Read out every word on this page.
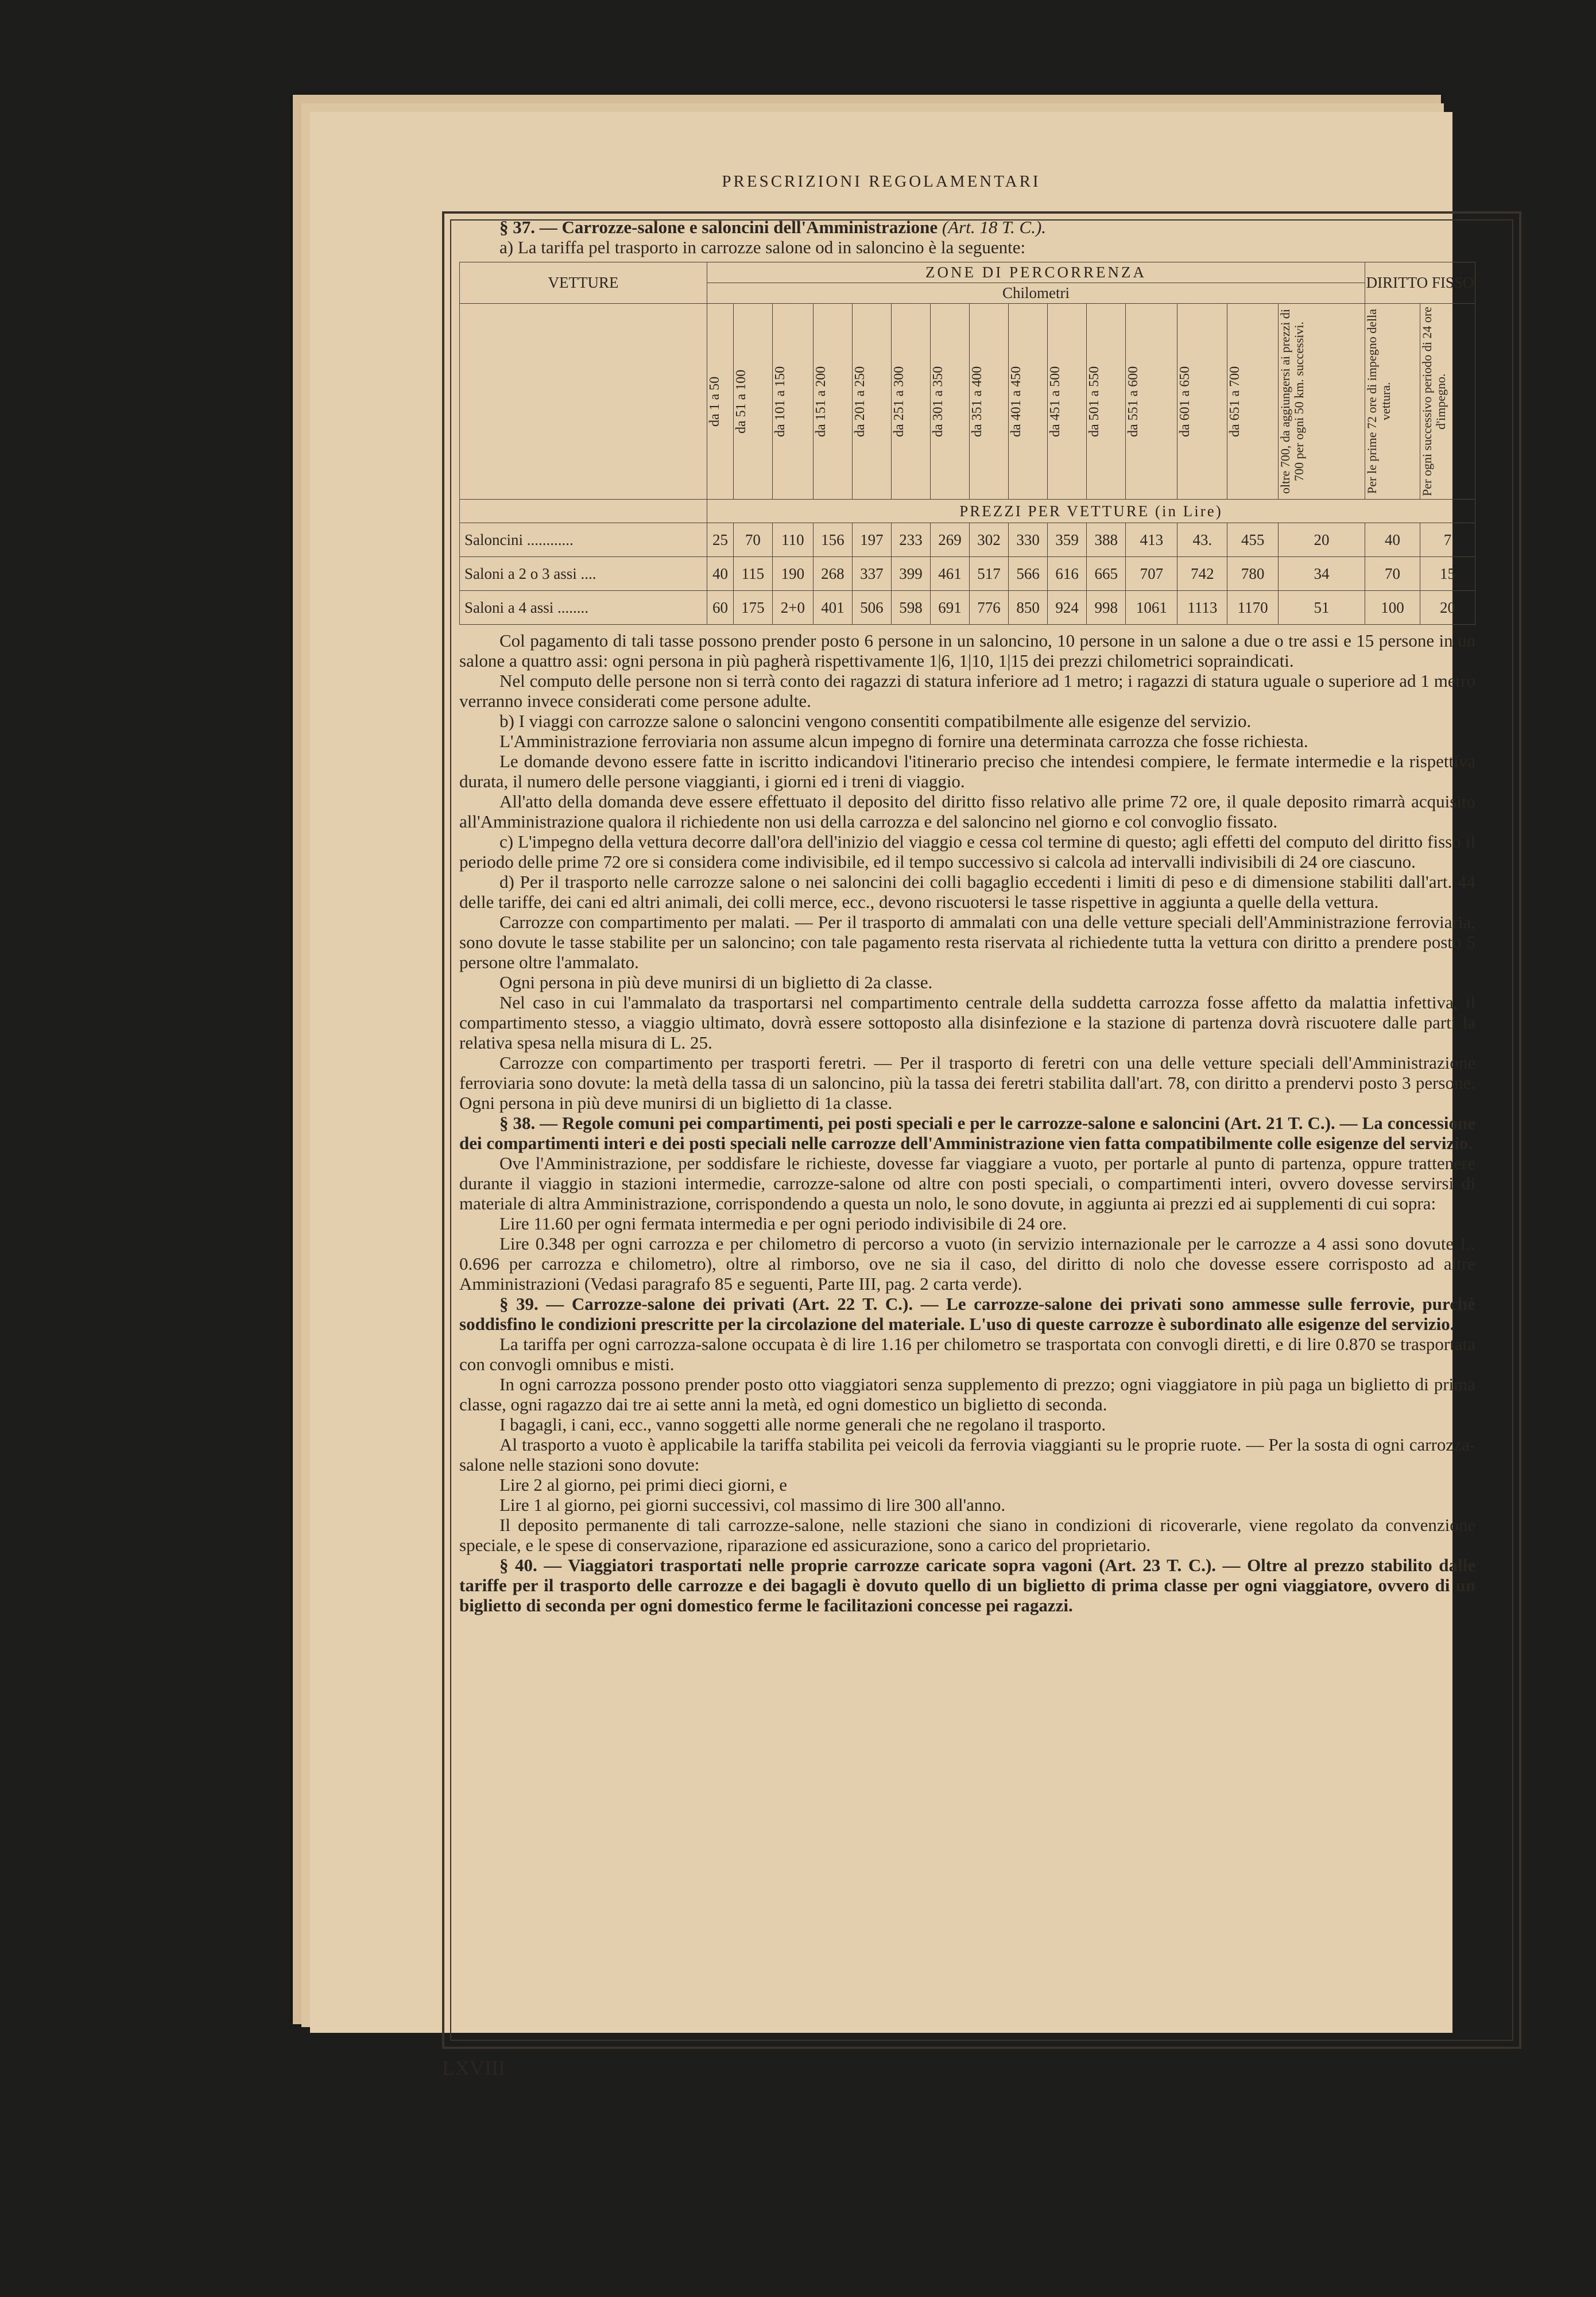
PRESCRIZIONI REGOLAMENTARI

§ 37. — Carrozze-salone e saloncini dell'Amministrazione (Art. 18 T. C.).

a) La tariffa pel trasporto in carrozze salone od in saloncino è la seguente:

VETTURE	ZONE DI PERCORRENZA															DIRITTO FISSO	
	Chilometri																

	da 1 a 50	da 51 a 100	da 101 a 150	da 151 a 200	da 201 a 250	da 251 a 300	da 301 a 350	da 351 a 400	da 401 a 450	da 451 a 500	da 501 a 550	da 551 a 600	da 601 a 650	da 651 a 700	oltre 700, da aggiungersi ai prezzi di 700 per ogni 50 km. successivi.	Per le prime 72 ore di impegno della vettura.	Per ogni successivo periodo di 24 ore d'impegno.

	PREZZI PER VETTURE (in Lire)																
Saloncini ............	25	70	110	156	197	233	269	302	330	359	388	413	43.	455	20	40	7
Saloni a 2 o 3 assi ....	40	115	190	268	337	399	461	517	566	616	665	707	742	780	34	70	15
Saloni a 4 assi ........	60	175	2+0	401	506	598	691	776	850	924	998	1061	1113	1170	51	100	20

Col pagamento di tali tasse possono prender posto 6 persone in un saloncino, 10 persone in un salone a due o tre assi e 15 persone in un salone a quattro assi: ogni persona in più pagherà rispettivamente 1|6, 1|10, 1|15 dei prezzi chilometrici sopraindicati.

Nel computo delle persone non si terrà conto dei ragazzi di statura inferiore ad 1 metro; i ragazzi di statura uguale o superiore ad 1 metro verranno invece considerati come persone adulte.

b) I viaggi con carrozze salone o saloncini vengono consentiti compatibilmente alle esigenze del servizio.

L'Amministrazione ferroviaria non assume alcun impegno di fornire una determinata carrozza che fosse richiesta.

Le domande devono essere fatte in iscritto indicandovi l'itinerario preciso che intendesi compiere, le fermate intermedie e la rispettiva durata, il numero delle persone viaggianti, i giorni ed i treni di viaggio.

All'atto della domanda deve essere effettuato il deposito del diritto fisso relativo alle prime 72 ore, il quale deposito rimarrà acquisito all'Amministrazione qualora il richiedente non usi della carrozza e del saloncino nel giorno e col convoglio fissato.

c) L'impegno della vettura decorre dall'ora dell'inizio del viaggio e cessa col termine di questo; agli effetti del computo del diritto fisso il periodo delle prime 72 ore si considera come indivisibile, ed il tempo successivo si calcola ad intervalli indivisibili di 24 ore ciascuno.

d) Per il trasporto nelle carrozze salone o nei saloncini dei colli bagaglio eccedenti i limiti di peso e di dimensione stabiliti dall'art. 44 delle tariffe, dei cani ed altri animali, dei colli merce, ecc., devono riscuotersi le tasse rispettive in aggiunta a quelle della vettura.

Carrozze con compartimento per malati. — Per il trasporto di ammalati con una delle vetture speciali dell'Amministrazione ferroviaria, sono dovute le tasse stabilite per un saloncino; con tale pagamento resta riservata al richiedente tutta la vettura con diritto a prendere posto 5 persone oltre l'ammalato.

Ogni persona in più deve munirsi di un biglietto di 2a classe.

Nel caso in cui l'ammalato da trasportarsi nel compartimento centrale della suddetta carrozza fosse affetto da malattia infettiva, il compartimento stesso, a viaggio ultimato, dovrà essere sottoposto alla disinfezione e la stazione di partenza dovrà riscuotere dalle parti la relativa spesa nella misura di L. 25.

Carrozze con compartimento per trasporti feretri. — Per il trasporto di feretri con una delle vetture speciali dell'Amministrazione ferroviaria sono dovute: la metà della tassa di un saloncino, più la tassa dei feretri stabilita dall'art. 78, con diritto a prendervi posto 3 persone. Ogni persona in più deve munirsi di un biglietto di 1a classe.

§ 38. — Regole comuni pei compartimenti, pei posti speciali e per le carrozze-salone e saloncini (Art. 21 T. C.). — La concessione dei compartimenti interi e dei posti speciali nelle carrozze dell'Amministrazione vien fatta compatibilmente colle esigenze del servizio.

Ove l'Amministrazione, per soddisfare le richieste, dovesse far viaggiare a vuoto, per portarle al punto di partenza, oppure trattenere durante il viaggio in stazioni intermedie, carrozze-salone od altre con posti speciali, o compartimenti interi, ovvero dovesse servirsi di materiale di altra Amministrazione, corrispondendo a questa un nolo, le sono dovute, in aggiunta ai prezzi ed ai supplementi di cui sopra:

Lire 11.60 per ogni fermata intermedia e per ogni periodo indivisibile di 24 ore.

Lire 0.348 per ogni carrozza e per chilometro di percorso a vuoto (in servizio internazionale per le carrozze a 4 assi sono dovute L. 0.696 per carrozza e chilometro), oltre al rimborso, ove ne sia il caso, del diritto di nolo che dovesse essere corrisposto ad altre Amministrazioni (Vedasi paragrafo 85 e seguenti, Parte III, pag. 2 carta verde).

§ 39. — Carrozze-salone dei privati (Art. 22 T. C.). — Le carrozze-salone dei privati sono ammesse sulle ferrovie, purchè soddisfino le condizioni prescritte per la circolazione del materiale. L'uso di queste carrozze è subordinato alle esigenze del servizio.

La tariffa per ogni carrozza-salone occupata è di lire 1.16 per chilometro se trasportata con convogli diretti, e di lire 0.870 se trasportata con convogli omnibus e misti.

In ogni carrozza possono prender posto otto viaggiatori senza supplemento di prezzo; ogni viaggiatore in più paga un biglietto di prima classe, ogni ragazzo dai tre ai sette anni la metà, ed ogni domestico un biglietto di seconda.

I bagagli, i cani, ecc., vanno soggetti alle norme generali che ne regolano il trasporto.

Al trasporto a vuoto è applicabile la tariffa stabilita pei veicoli da ferrovia viaggianti su le proprie ruote. — Per la sosta di ogni carrozza-salone nelle stazioni sono dovute:

Lire 2 al giorno, pei primi dieci giorni, e

Lire 1 al giorno, pei giorni successivi, col massimo di lire 300 all'anno.

Il deposito permanente di tali carrozze-salone, nelle stazioni che siano in condizioni di ricoverarle, viene regolato da convenzione speciale, e le spese di conservazione, riparazione ed assicurazione, sono a carico del proprietario.

§ 40. — Viaggiatori trasportati nelle proprie carrozze caricate sopra vagoni (Art. 23 T. C.). — Oltre al prezzo stabilito dalle tariffe per il trasporto delle carrozze e dei bagagli è dovuto quello di un biglietto di prima classe per ogni viaggiatore, ovvero di un biglietto di seconda per ogni domestico ferme le facilitazioni concesse pei ragazzi.

LXVIII
